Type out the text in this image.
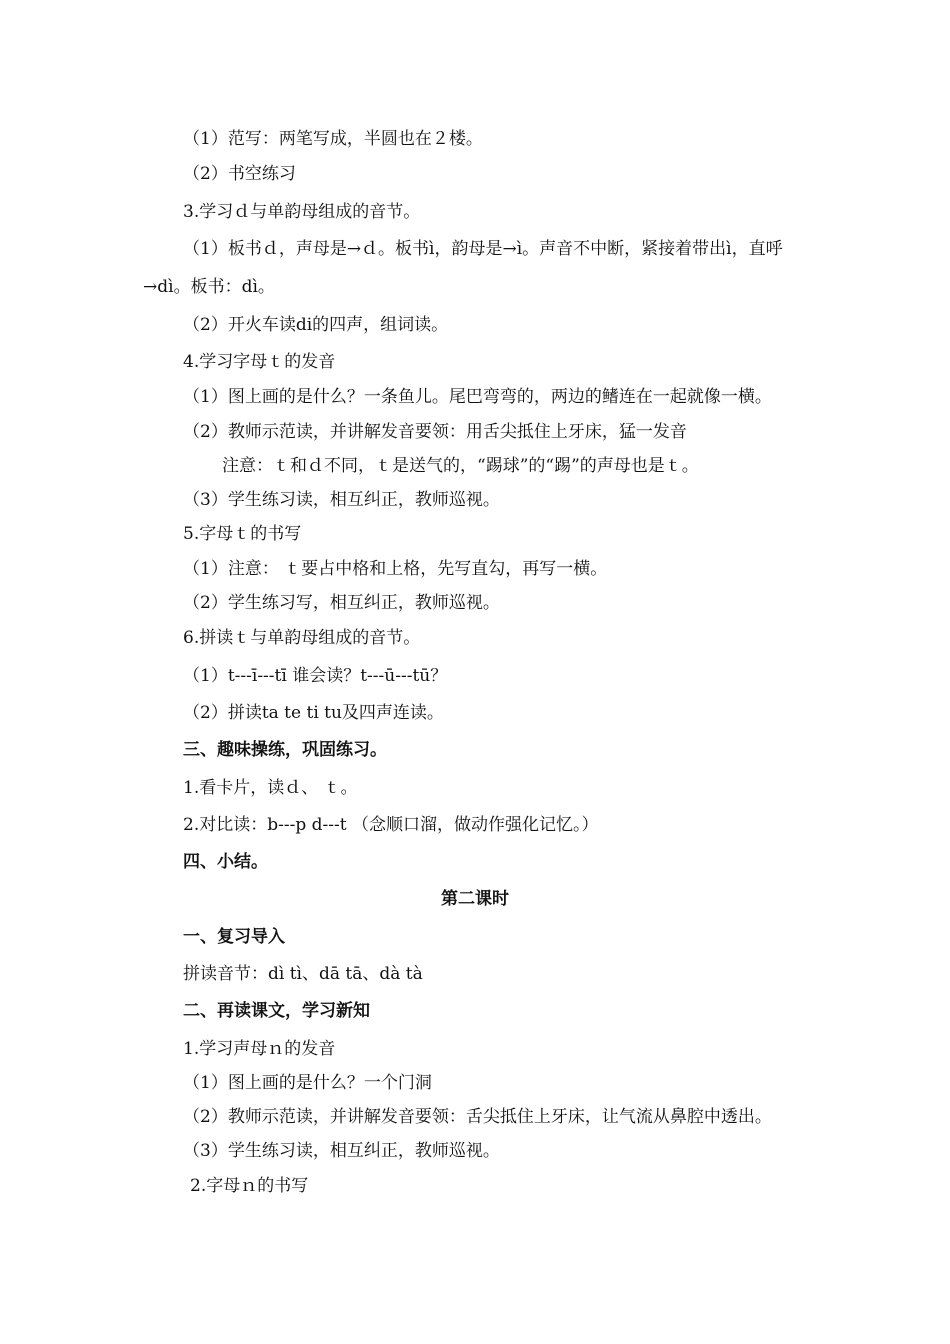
（1）范写：两笔写成，半圆也在２楼。
（2）书空练习
3.学习ｄ与单韵母组成的音节。
（1）板书ｄ，声母是→ｄ。板书ì，韵母是→ì。声音不中断，紧接着带出ì，直呼
→dì。板书：dì。
（2）开火车读di的四声，组词读。
4.学习字母ｔ的发音
（1）图上画的是什么？一条鱼儿。尾巴弯弯的，两边的鳍连在一起就像一横。
（2）教师示范读，并讲解发音要领：用舌尖抵住上牙床，猛一发音
注意：ｔ和ｄ不同，ｔ是送气的，“踢球”的“踢”的声母也是ｔ。
（3）学生练习读，相互纠正，教师巡视。
5.字母ｔ的书写
（1）注意： ｔ要占中格和上格，先写直勾，再写一横。
（2）学生练习写，相互纠正，教师巡视。
6.拼读ｔ与单韵母组成的音节。
（1）t---ī---tī 谁会读？t---ū---tū？
（2）拼读ta te ti tu及四声连读。
三、趣味操练，巩固练习。
1.看卡片，读ｄ、 ｔ。
2.对比读：b---p d---t （念顺口溜，做动作强化记忆。）
四、小结。
第二课时
一、复习导入
拼读音节：dì tì、dā tā、dà tà
二、再读课文，学习新知
1.学习声母ｎ的发音
（1）图上画的是什么？一个门洞
（2）教师示范读，并讲解发音要领：舌尖抵住上牙床，让气流从鼻腔中透出。
（3）学生练习读，相互纠正，教师巡视。
2.字母ｎ的书写
